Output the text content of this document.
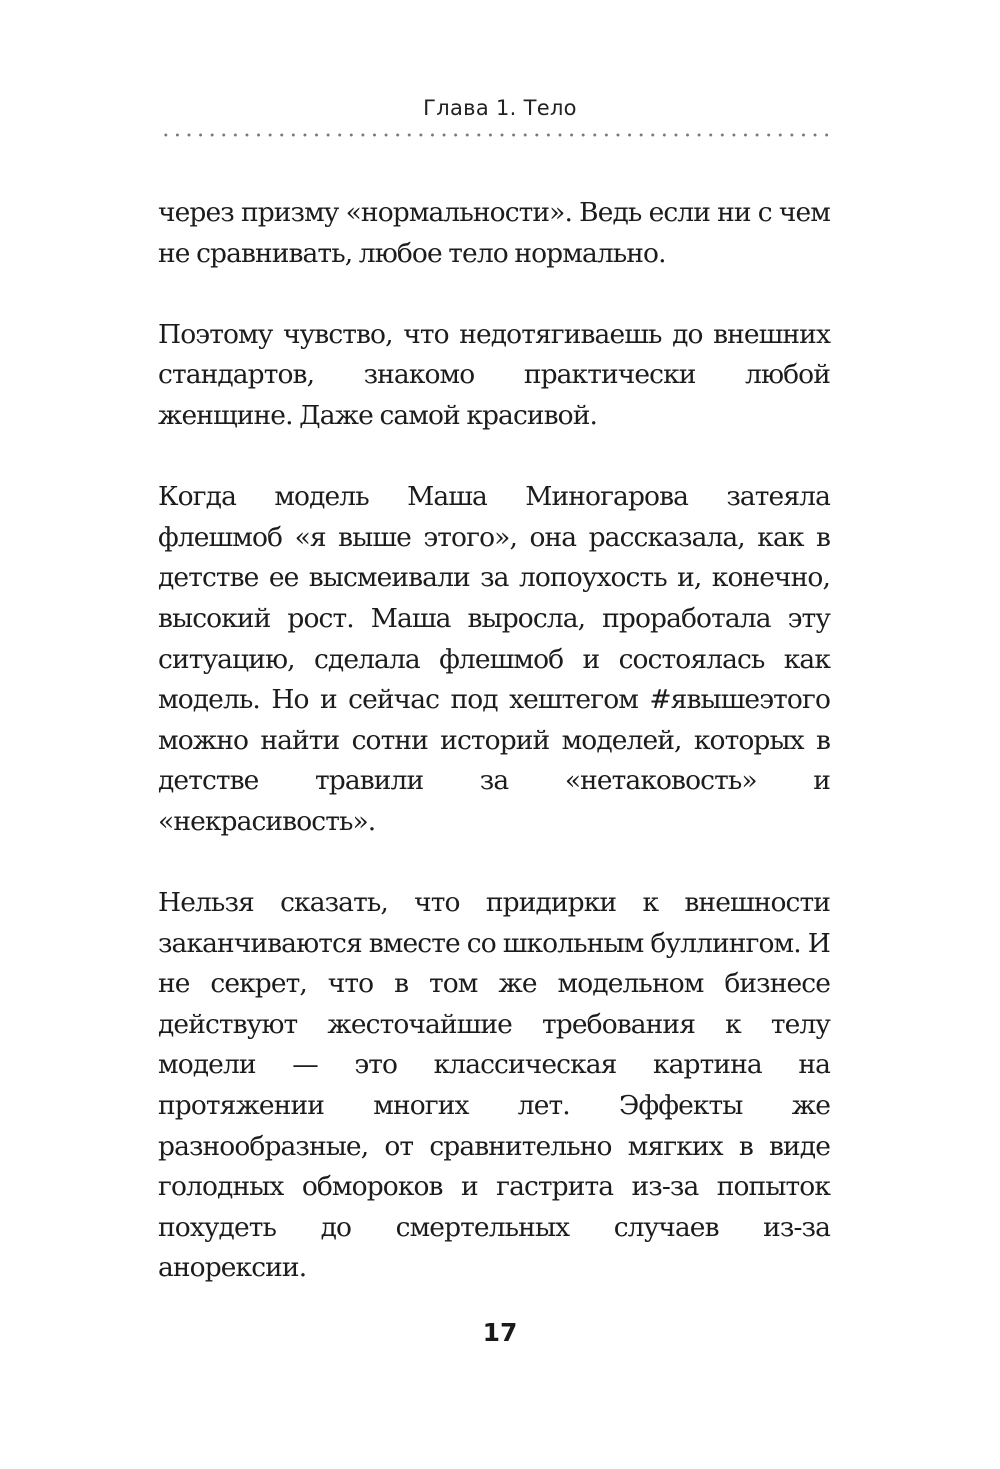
Глава 1. Тело

через призму «нормальности». Ведь если ни с чем не сравнивать, любое тело нормально.

Поэтому чувство, что недотягиваешь до внешних стандартов, знакомо практически любой женщине. Даже самой красивой.

Когда модель Маша Миногарова затеяла флешмоб «я выше этого», она рассказала, как в детстве ее высмеивали за лопоухость и, конечно, высокий рост. Маша выросла, проработала эту ситуацию, сделала флешмоб и состоялась как модель. Но и сейчас под хештегом #явышеэтого можно найти сотни историй моделей, которых в детстве травили за «нетаковость» и «некрасивость».

Нельзя сказать, что придирки к внешности заканчиваются вместе со школьным буллингом. И не секрет, что в том же модельном бизнесе действуют жесточайшие требования к телу модели — это классическая картина на протяжении многих лет. Эффекты же разнообразные, от сравнительно мягких в виде голодных обмороков и гастрита из-за попыток похудеть до смертельных случаев из-за анорексии.

17
